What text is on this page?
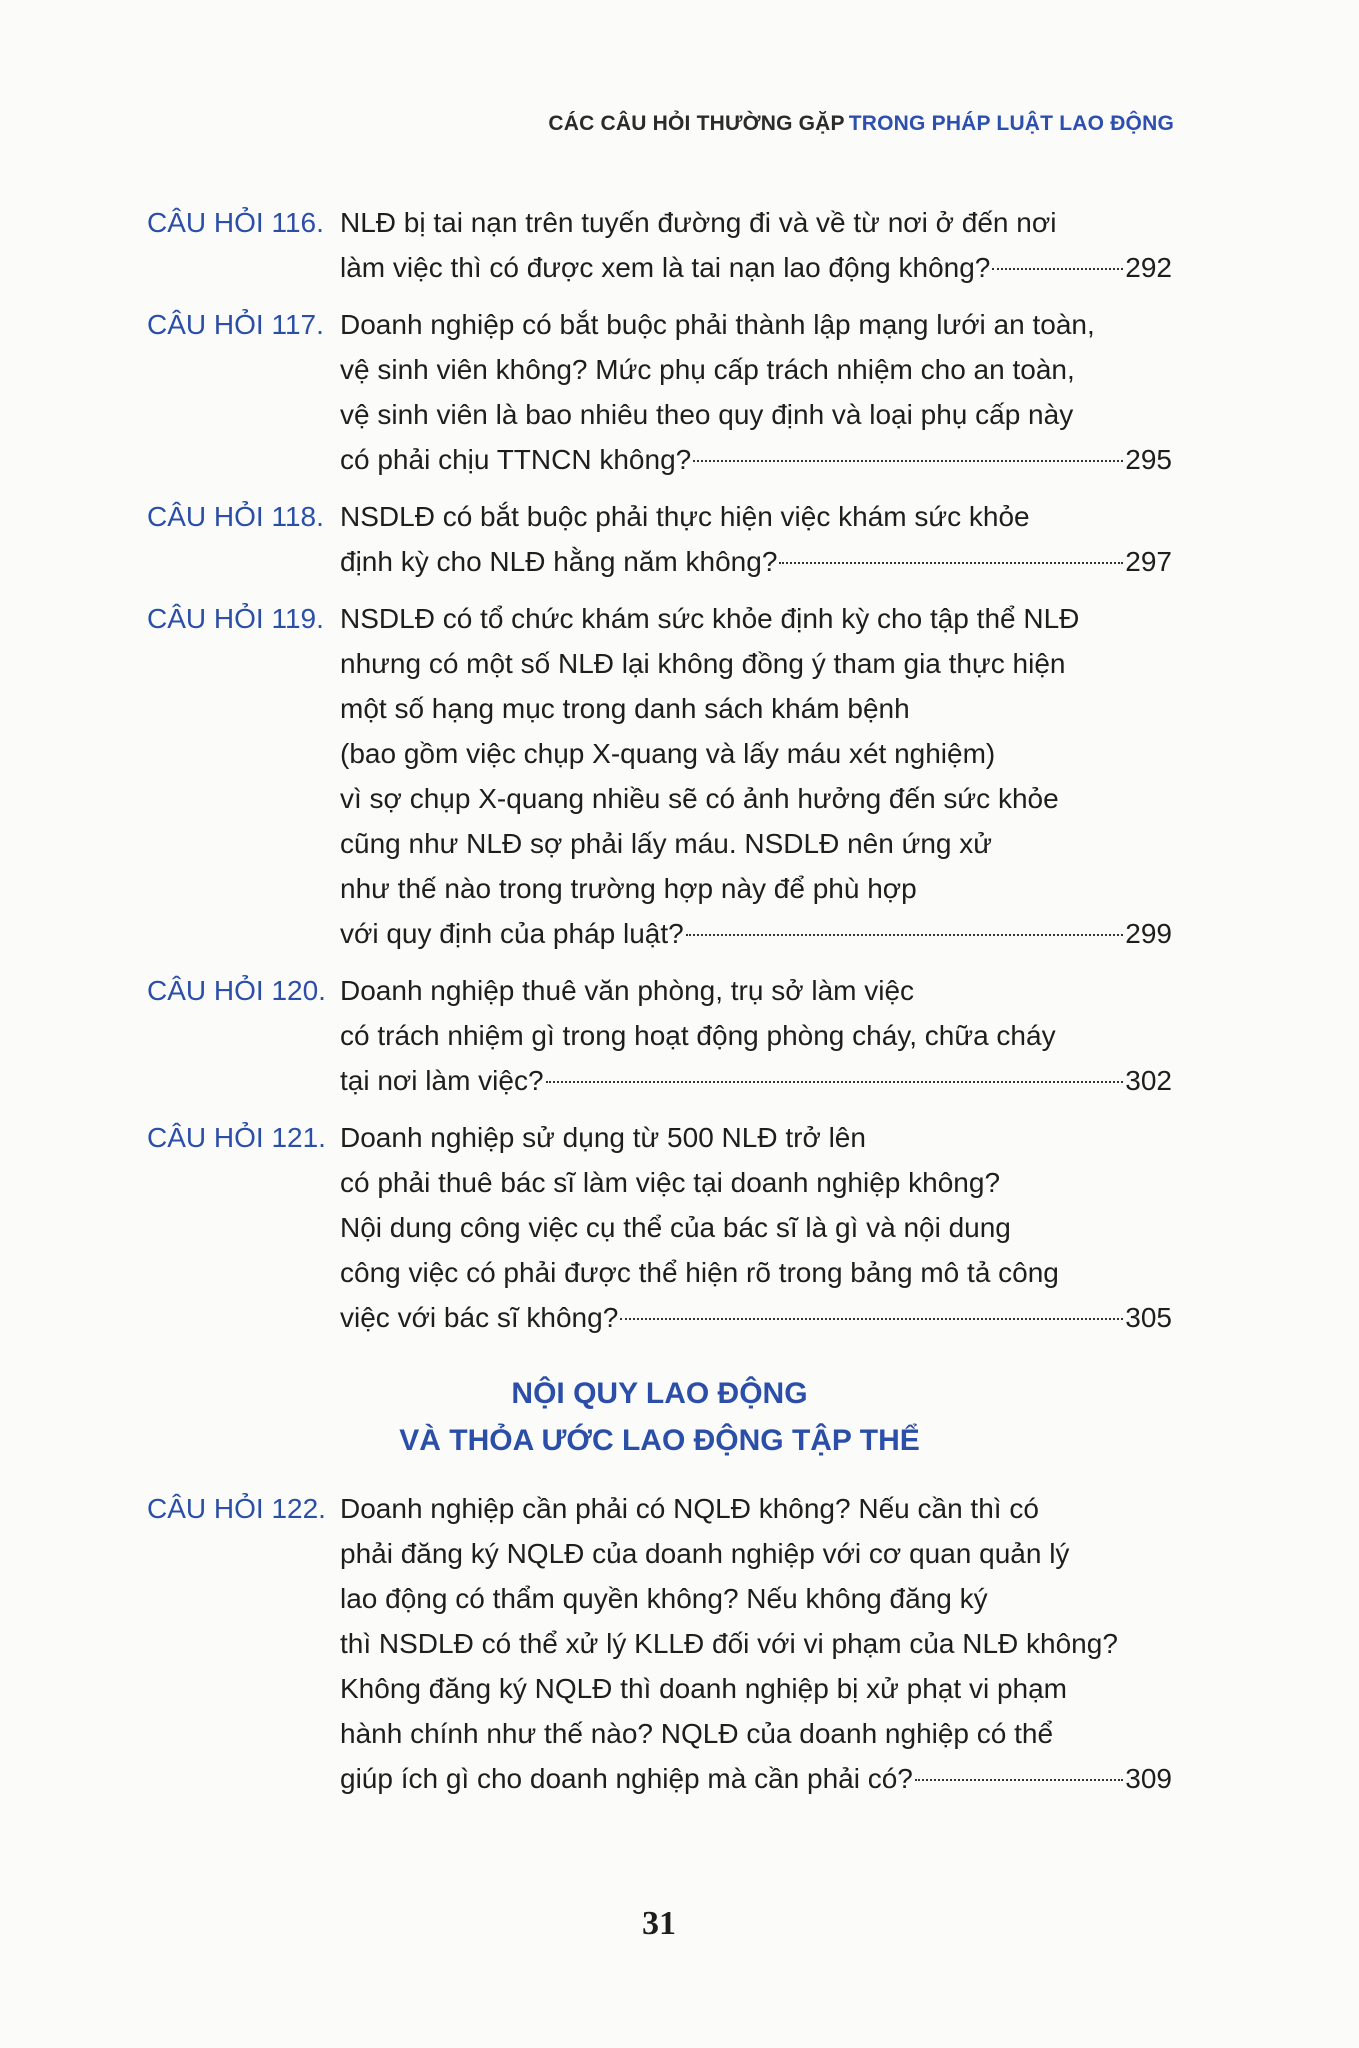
CÁC CÂU HỎI THƯỜNG GẶP TRONG PHÁP LUẬT LAO ĐỘNG
CÂU HỎI 116. NLĐ bị tai nạn trên tuyến đường đi và về từ nơi ở đến nơi
làm việc thì có được xem là tai nạn lao động không?	292
CÂU HỎI 117. Doanh nghiệp có bắt buộc phải thành lập mạng lưới an toàn,
vệ sinh viên không? Mức phụ cấp trách nhiệm cho an toàn,
vệ sinh viên là bao nhiêu theo quy định và loại phụ cấp này
có phải chịu TTNCN không?	295
CÂU HỎI 118. NSDLĐ có bắt buộc phải thực hiện việc khám sức khỏe
định kỳ cho NLĐ hằng năm không?	297
CÂU HỎI 119. NSDLĐ có tổ chức khám sức khỏe định kỳ cho tập thể NLĐ
nhưng có một số NLĐ lại không đồng ý tham gia thực hiện
một số hạng mục trong danh sách khám bệnh
(bao gồm việc chụp X-quang và lấy máu xét nghiệm)
vì sợ chụp X-quang nhiều sẽ có ảnh hưởng đến sức khỏe
cũng như NLĐ sợ phải lấy máu. NSDLĐ nên ứng xử
như thế nào trong trường hợp này để phù hợp
với quy định của pháp luật?	299
CÂU HỎI 120. Doanh nghiệp thuê văn phòng, trụ sở làm việc
có trách nhiệm gì trong hoạt động phòng cháy, chữa cháy
tại nơi làm việc?	302
CÂU HỎI 121. Doanh nghiệp sử dụng từ 500 NLĐ trở lên
có phải thuê bác sĩ làm việc tại doanh nghiệp không?
Nội dung công việc cụ thể của bác sĩ là gì và nội dung
công việc có phải được thể hiện rõ trong bảng mô tả công
việc với bác sĩ không?	305
NỘI QUY LAO ĐỘNG
VÀ THỎA ƯỚC LAO ĐỘNG TẬP THỂ
CÂU HỎI 122. Doanh nghiệp cần phải có NQLĐ không? Nếu cần thì có
phải đăng ký NQLĐ của doanh nghiệp với cơ quan quản lý
lao động có thẩm quyền không? Nếu không đăng ký
thì NSDLĐ có thể xử lý KLLĐ đối với vi phạm của NLĐ không?
Không đăng ký NQLĐ thì doanh nghiệp bị xử phạt vi phạm
hành chính như thế nào? NQLĐ của doanh nghiệp có thể
giúp ích gì cho doanh nghiệp mà cần phải có?	309
31
